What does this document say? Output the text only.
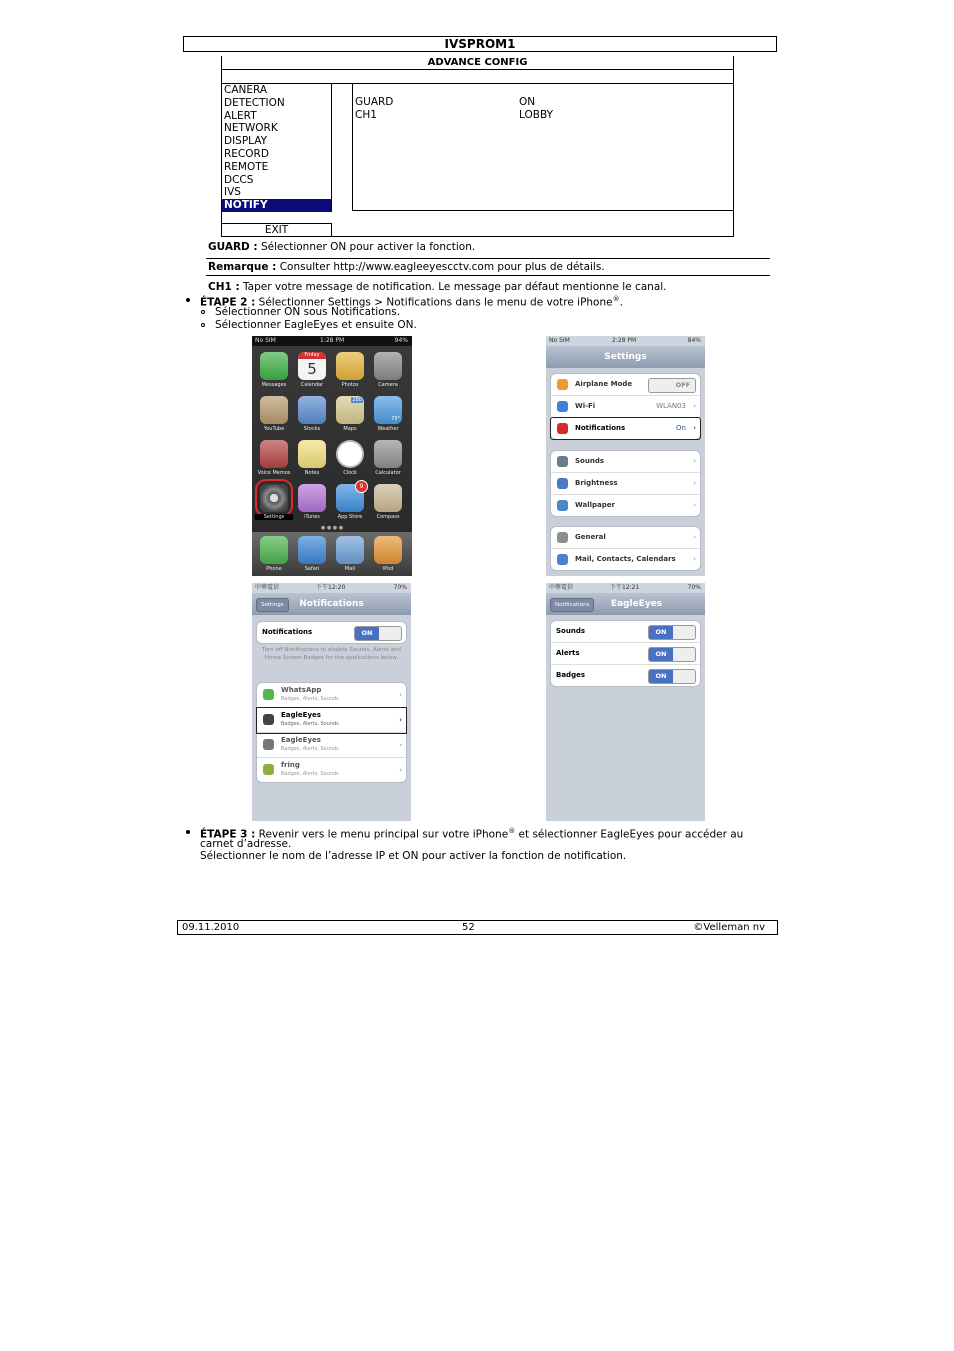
IVSPROM1
ADVANCE CONFIG
CANERA
DETECTION
ALERT
NETWORK
DISPLAY
RECORD
REMOTE
DCCS
IVS
NOTIFY
GUARD	ON
CH1	LOBBY
EXIT
GUARD : Sélectionner ON pour activer la fonction.
Remarque : Consulter http://www.eagleeyescctv.com pour plus de détails.
CH1 : Taper votre message de notification. Le message par défaut mentionne le canal.
ÉTAPE 2 : Sélectionner Settings > Notifications dans le menu de votre iPhone®.
Sélectionner ON sous Notifications.
Sélectionner EagleEyes et ensuite ON.
No SIM	1:28 PM	94%
Messages
Friday
5
Calendar	Photos	Camera
YouTube	Stocks
280
Maps
73°
Weather
Voice Memos	Notes	Clock	Calculator
Settings	iTunes
9
App Store	Compass
● ● ● ●
Phone	Safari	Mail	iPod
No SIM	2:28 PM	84%
Settings
Airplane Mode	OFF
Wi-Fi	WLAN03 ›
Notifications	On ›
Sounds	›
Brightness	›
Wallpaper	›
General	›
Mail, Contacts, Calendars	›
中華電信	下午12:20	70%
Settings	Notifications
Notifications	ON
Turn off Notifications to disable Sounds, Alerts and Home Screen Badges for the applications below.
WhatsApp
Badges, Alerts, Sounds	›
EagleEyes
Badges, Alerts, Sounds	›
EagleEyes
Badges, Alerts, Sounds	›
fring
Badges, Alerts, Sounds	›
中華電信	下午12:21	70%
Notifications	EagleEyes
Sounds	ON
Alerts	ON
Badges	ON
ÉTAPE 3 : Revenir vers le menu principal sur votre iPhone® et sélectionner EagleEyes pour accéder au
carnet d’adresse.
Sélectionner le nom de l’adresse IP et ON pour activer la fonction de notification.
09.11.2010	52	©Velleman nv
